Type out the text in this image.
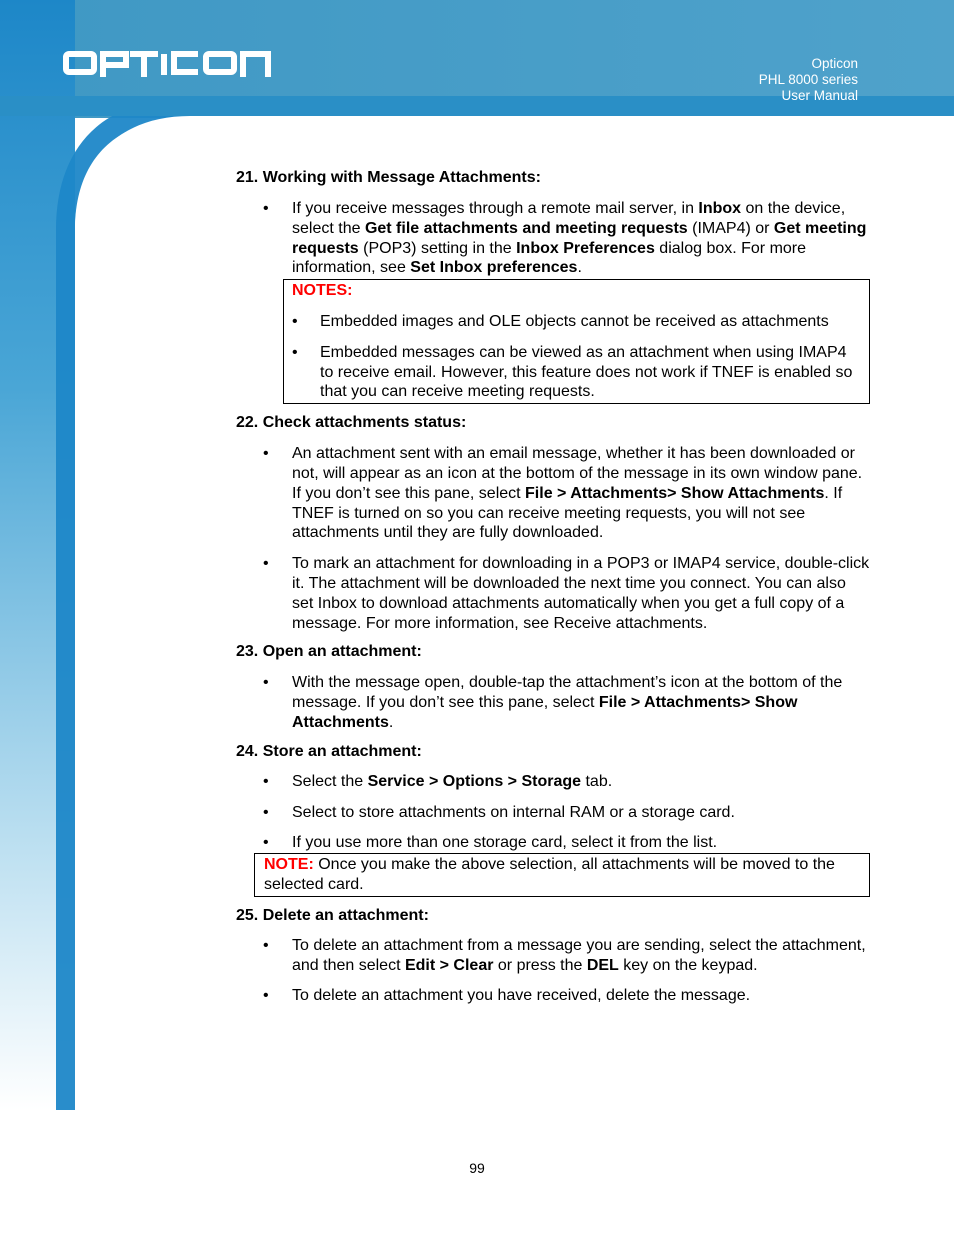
Opticon
PHL 8000 series
User Manual
21. Working with Message Attachments:
• If you receive messages through a remote mail server, in Inbox on the device, select the Get file attachments and meeting requests (IMAP4) or Get meeting requests (POP3) setting in the Inbox Preferences dialog box. For more information, see Set Inbox preferences.
NOTES:
• Embedded images and OLE objects cannot be received as attachments
• Embedded messages can be viewed as an attachment when using IMAP4 to receive email. However, this feature does not work if TNEF is enabled so that you can receive meeting requests.
22. Check attachments status:
• An attachment sent with an email message, whether it has been downloaded or not, will appear as an icon at the bottom of the message in its own window pane. If you don’t see this pane, select File > Attachments> Show Attachments. If TNEF is turned on so you can receive meeting requests, you will not see attachments until they are fully downloaded.
• To mark an attachment for downloading in a POP3 or IMAP4 service, double-click it. The attachment will be downloaded the next time you connect. You can also set Inbox to download attachments automatically when you get a full copy of a message. For more information, see Receive attachments.
23. Open an attachment:
• With the message open, double-tap the attachment’s icon at the bottom of the message. If you don’t see this pane, select File > Attachments> Show Attachments.
24. Store an attachment:
• Select the Service > Options > Storage tab.
• Select to store attachments on internal RAM or a storage card.
• If you use more than one storage card, select it from the list.
NOTE: Once you make the above selection, all attachments will be moved to the selected card.
25. Delete an attachment:
• To delete an attachment from a message you are sending, select the attachment, and then select Edit > Clear or press the DEL key on the keypad.
• To delete an attachment you have received, delete the message.
99
